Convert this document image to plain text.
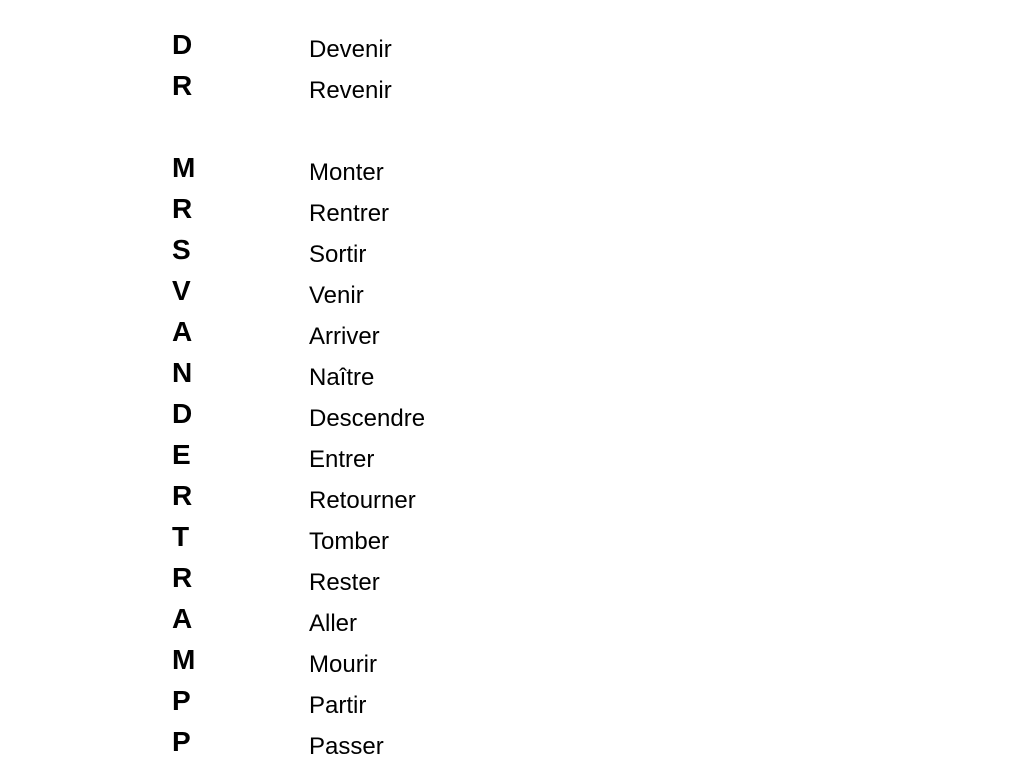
D	Devenir
R	Revenir
M	Monter
R	Rentrer
S	Sortir
V	Venir
A	Arriver
N	Naître
D	Descendre
E	Entrer
R	Retourner
T	Tomber
R	Rester
A	Aller
M	Mourir
P	Partir
P	Passer
